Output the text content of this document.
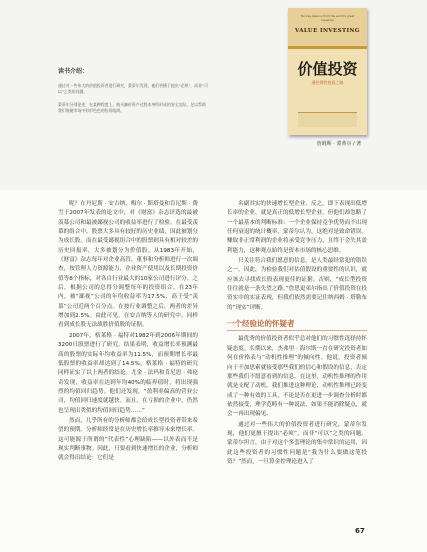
读书介绍：

通过对一些伟大的价值投资者进行研究，蒙蒂尔发现，他们更擅于提出“必须”，而非“可以”之类的问题。

蒙蒂尔分别论述，在某种程度上，购买廉价资产过程本身所形成的安全边际。足以帮助我们规避市场中形形色色的投资陷阱。

Ten key lessons from the world's great investors
VALUE INVESTING
价值投资
通往理性投资之路
詹姆斯 · 蒙蒂尔 / 著

呢？在丹尼斯 · 安吉纳、梅尔 · 斯塔曼和肯尼斯 · 费雪于2007年发表的论文中，对《财富》杂志评选的最被羡慕公司和最被鄙视公司的收益率进行了检验。在最受羡慕的组合中，股票大多具有较好的历史业绩，因此被划分为成长股。而在最受鄙视组合中的股票则具有相对较差的历史回报率，大多被划分为价值股。从1983年开始，《财富》杂志每年对企业高管、董事和分析师进行一次调查，按管理人力资源能力、企业资产使用以及长期投资价值等8个指标，对各自行业最大的10家公司进行评分。之后，根据公司的总得分调整每年的投资组合。在23年内，被“鄙视”公司的年均收益率为17.5%，高于受“羡慕”公司近两个百分点。在按行业调整之后，两者的差异增加到2.5%。由此可见，在安吉纳等人的研究中，同样看到成长股无法战胜价值股的证据。

2007年，格莱格 · 福特对1982年到2006年期间的3200只股票进行了研究，结果表明，收益增长率预测最高的股票的实际年均收益率为11.5%，而预期增长率最低股票的收益率却达到了14.5%。格莱格 · 福特的研究同样证实了以上两者的结论。尤金 · 法玛和肯尼思 · 弗伦奇发现，收益率在达到年均40%的临界值时，将出现强烈的均值回归趋势。他们还发现，“盈利率偏高的营业公司，均值回归速度就越快。而且，在亏损的企业中，仍然也呈现出类似的均值回归趋势……”

然而，几乎所有的分析师都会给成长型投资者带来希望的预期。分析师经常是在历史增长率推导未来增长率。这可能源于所谓的“代表性”心理缺陷——以外表而不是现实判断事物。因此，只要看到快速增长的企业，分析师就会得出结论：它们是

名副其实的快速增长型企业，反之，即下表现出低增长率的企业，就是真正的低增长型企业。但他们却忽略了一个最基本的判断标准：一个企业保持竞争优势而不出现任何衰退的统计概率，蒙蒂尔认为，这绝对是致命错误。赚取非正常利润的企业将承受竞争压力，且终于会失其盈利能力，这种观点始终是资本市场的核心思维。

只关注符合我们愿意的信息，是人类最经常犯的错误之一。因此，为检验我们对估值假设的重要性的认识，就应该去寻找成长股表现更佳的证据。否则，“成长型投资往往就是一条失望之路。”詹思更弟尔指出了价值投资在投资实中的实证表现，但我们依然需要记住纳西姆 · 塔勒布的“现实”评断。

一个经验论的怀疑者

最优秀的价值投资者似乎总对他们的习惯性选择持怀疑态度。长期以来，杰弗里 · 海尔斯一直在研究投资者如何在价格表与“动机性推理”的倾向性。他说，投资者倾向于不加思索就接受那些我们的信心和假设的信息，否定那些我们不愿意看到的信息。在这里，动机性推理的作用就是支配了动机。我们推进这种理论，动机性推理已经变成了一种有效的工具，不论是否在更进一步调查分析时都依然接受，理学范畴有一种说法，如果不能消除疑点，就会一再出现偏见。

通过对一些伟大的价值投资者进行研究，蒙蒂尔发现，他们更擅于提出“必须”，而非“可以”之类的问题。蒙蒂尔坦言，由于对这个多套理论的集中常识的运用，因此这些投资者的习惯性问题是“我为什么要做这笔投资？”然而，一旦算金控理论进入了

67
